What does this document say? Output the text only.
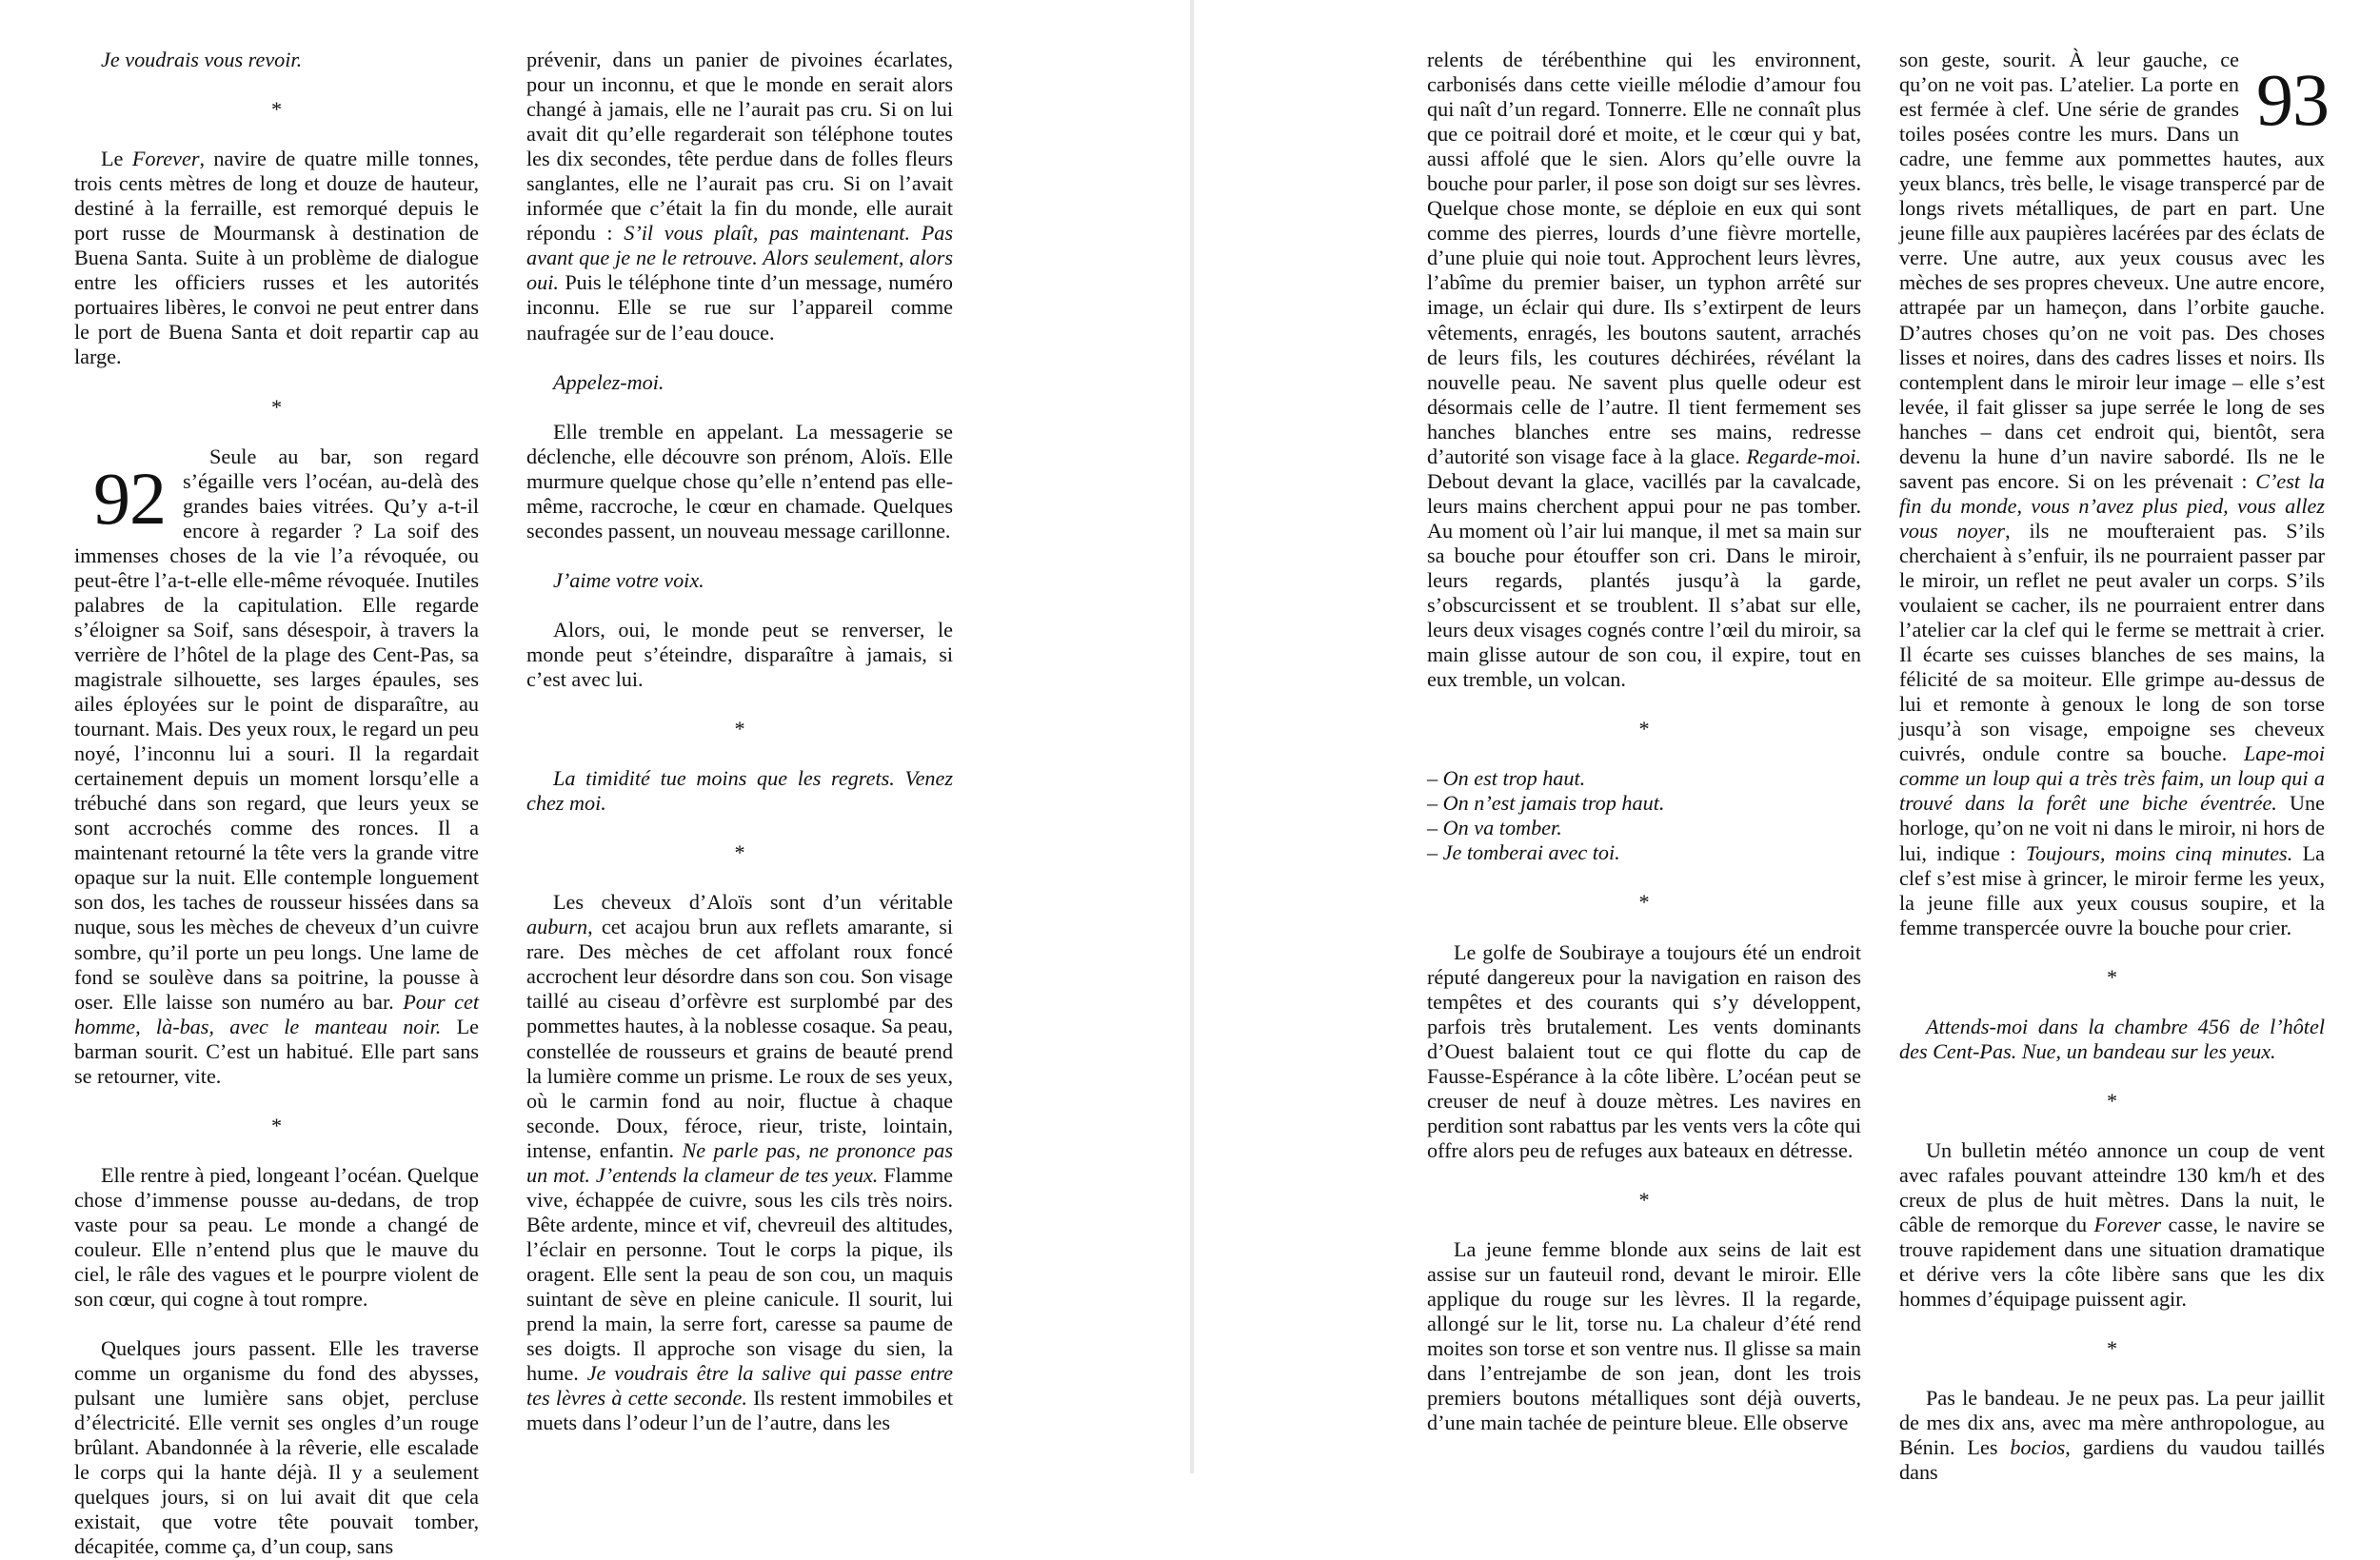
Je voudrais vous revoir.

*

Le Forever, navire de quatre mille tonnes, trois cents mètres de long et douze de hauteur, destiné à la ferraille, est remorqué depuis le port russe de Mourmansk à destination de Buena Santa. Suite à un problème de dialogue entre les officiers russes et les autorités portuaires libères, le convoi ne peut entrer dans le port de Buena Santa et doit repartir cap au large.

*

92
Seule au bar, son regard s’égaille vers l’océan, au-delà des grandes baies vitrées. Qu’y a-t-il encore à regarder ? La soif des immenses choses de la vie l’a révoquée, ou peut-être l’a-t-elle elle-même révoquée. Inutiles palabres de la capitulation. Elle regarde s’éloigner sa Soif, sans désespoir, à travers la verrière de l’hôtel de la plage des Cent-Pas, sa magistrale silhouette, ses larges épaules, ses ailes éployées sur le point de disparaître, au tournant. Mais. Des yeux roux, le regard un peu noyé, l’inconnu lui a souri. Il la regardait certainement depuis un moment lorsqu’elle a trébuché dans son regard, que leurs yeux se sont accrochés comme des ronces. Il a maintenant retourné la tête vers la grande vitre opaque sur la nuit. Elle contemple longuement son dos, les taches de rousseur hissées dans sa nuque, sous les mèches de cheveux d’un cuivre sombre, qu’il porte un peu longs. Une lame de fond se soulève dans sa poitrine, la pousse à oser. Elle laisse son numéro au bar. Pour cet homme, là-bas, avec le manteau noir. Le barman sourit. C’est un habitué. Elle part sans se retourner, vite.

*

Elle rentre à pied, longeant l’océan. Quelque chose d’immense pousse au-dedans, de trop vaste pour sa peau. Le monde a changé de couleur. Elle n’entend plus que le mauve du ciel, le râle des vagues et le pourpre violent de son cœur, qui cogne à tout rompre.

Quelques jours passent. Elle les traverse comme un organisme du fond des abysses, pulsant une lumière sans objet, percluse d’électricité. Elle vernit ses ongles d’un rouge brûlant. Abandonnée à la rêverie, elle escalade le corps qui la hante déjà. Il y a seulement quelques jours, si on lui avait dit que cela existait, que votre tête pouvait tomber, décapitée, comme ça, d’un coup, sans

prévenir, dans un panier de pivoines écarlates, pour un inconnu, et que le monde en serait alors changé à jamais, elle ne l’aurait pas cru. Si on lui avait dit qu’elle regarderait son téléphone toutes les dix secondes, tête perdue dans de folles fleurs sanglantes, elle ne l’aurait pas cru. Si on l’avait informée que c’était la fin du monde, elle aurait répondu : S’il vous plaît, pas maintenant. Pas avant que je ne le retrouve. Alors seulement, alors oui. Puis le téléphone tinte d’un message, numéro inconnu. Elle se rue sur l’appareil comme naufragée sur de l’eau douce.

Appelez-moi.

Elle tremble en appelant. La messagerie se déclenche, elle découvre son prénom, Aloïs. Elle murmure quelque chose qu’elle n’entend pas elle-même, raccroche, le cœur en chamade. Quelques secondes passent, un nouveau message carillonne.

J’aime votre voix.

Alors, oui, le monde peut se renverser, le monde peut s’éteindre, disparaître à jamais, si c’est avec lui.

*

La timidité tue moins que les regrets. Venez chez moi.

*

Les cheveux d’Aloïs sont d’un véritable auburn, cet acajou brun aux reflets amarante, si rare. Des mèches de cet affolant roux foncé accrochent leur désordre dans son cou. Son visage taillé au ciseau d’orfèvre est surplombé par des pommettes hautes, à la noblesse cosaque. Sa peau, constellée de rousseurs et grains de beauté prend la lumière comme un prisme. Le roux de ses yeux, où le carmin fond au noir, fluctue à chaque seconde. Doux, féroce, rieur, triste, lointain, intense, enfantin. Ne parle pas, ne prononce pas un mot. J’entends la clameur de tes yeux. Flamme vive, échappée de cuivre, sous les cils très noirs. Bête ardente, mince et vif, chevreuil des altitudes, l’éclair en personne. Tout le corps la pique, ils oragent. Elle sent la peau de son cou, un maquis suintant de sève en pleine canicule. Il sourit, lui prend la main, la serre fort, caresse sa paume de ses doigts. Il approche son visage du sien, la hume. Je voudrais être la salive qui passe entre tes lèvres à cette seconde. Ils restent immobiles et muets dans l’odeur l’un de l’autre, dans les

relents de térébenthine qui les environnent, carbonisés dans cette vieille mélodie d’amour fou qui naît d’un regard. Tonnerre. Elle ne connaît plus que ce poitrail doré et moite, et le cœur qui y bat, aussi affolé que le sien. Alors qu’elle ouvre la bouche pour parler, il pose son doigt sur ses lèvres. Quelque chose monte, se déploie en eux qui sont comme des pierres, lourds d’une fièvre mortelle, d’une pluie qui noie tout. Approchent leurs lèvres, l’abîme du premier baiser, un typhon arrêté sur image, un éclair qui dure. Ils s’extirpent de leurs vêtements, enragés, les boutons sautent, arrachés de leurs fils, les coutures déchirées, révélant la nouvelle peau. Ne savent plus quelle odeur est désormais celle de l’autre. Il tient fermement ses hanches blanches entre ses mains, redresse d’autorité son visage face à la glace. Regarde-moi. Debout devant la glace, vacillés par la cavalcade, leurs mains cherchent appui pour ne pas tomber. Au moment où l’air lui manque, il met sa main sur sa bouche pour étouffer son cri. Dans le miroir, leurs regards, plantés jusqu’à la garde, s’obscurcissent et se troublent. Il s’abat sur elle, leurs deux visages cognés contre l’œil du miroir, sa main glisse autour de son cou, il expire, tout en eux tremble, un volcan.

*

– On est trop haut.

– On n’est jamais trop haut.

– On va tomber.

– Je tomberai avec toi.

*

Le golfe de Soubiraye a toujours été un endroit réputé dangereux pour la navigation en raison des tempêtes et des courants qui s’y développent, parfois très brutalement. Les vents dominants d’Ouest balaient tout ce qui flotte du cap de Fausse-Espérance à la côte libère. L’océan peut se creuser de neuf à douze mètres. Les navires en perdition sont rabattus par les vents vers la côte qui offre alors peu de refuges aux bateaux en détresse.

*

La jeune femme blonde aux seins de lait est assise sur un fauteuil rond, devant le miroir. Elle applique du rouge sur les lèvres. Il la regarde, allongé sur le lit, torse nu. La chaleur d’été rend moites son torse et son ventre nus. Il glisse sa main dans l’entrejambe de son jean, dont les trois premiers boutons métalliques sont déjà ouverts, d’une main tachée de peinture bleue. Elle observe

93
son geste, sourit. À leur gauche, ce qu’on ne voit pas. L’atelier. La porte en est fermée à clef. Une série de grandes toiles posées contre les murs. Dans un cadre, une femme aux pommettes hautes, aux yeux blancs, très belle, le visage transpercé par de longs rivets métalliques, de part en part. Une jeune fille aux paupières lacérées par des éclats de verre. Une autre, aux yeux cousus avec les mèches de ses propres cheveux. Une autre encore, attrapée par un hameçon, dans l’orbite gauche. D’autres choses qu’on ne voit pas. Des choses lisses et noires, dans des cadres lisses et noirs. Ils contemplent dans le miroir leur image – elle s’est levée, il fait glisser sa jupe serrée le long de ses hanches – dans cet endroit qui, bientôt, sera devenu la hune d’un navire sabordé. Ils ne le savent pas encore. Si on les prévenait : C’est la fin du monde, vous n’avez plus pied, vous allez vous noyer, ils ne moufteraient pas. S’ils cherchaient à s’enfuir, ils ne pourraient passer par le miroir, un reflet ne peut avaler un corps. S’ils voulaient se cacher, ils ne pourraient entrer dans l’atelier car la clef qui le ferme se mettrait à crier. Il écarte ses cuisses blanches de ses mains, la félicité de sa moiteur. Elle grimpe au-dessus de lui et remonte à genoux le long de son torse jusqu’à son visage, empoigne ses cheveux cuivrés, ondule contre sa bouche. Lape-moi comme un loup qui a très très faim, un loup qui a trouvé dans la forêt une biche éventrée. Une horloge, qu’on ne voit ni dans le miroir, ni hors de lui, indique : Toujours, moins cinq minutes. La clef s’est mise à grincer, le miroir ferme les yeux, la jeune fille aux yeux cousus soupire, et la femme transpercée ouvre la bouche pour crier.

*

Attends-moi dans la chambre 456 de l’hôtel des Cent-Pas. Nue, un bandeau sur les yeux.

*

Un bulletin météo annonce un coup de vent avec rafales pouvant atteindre 130 km/h et des creux de plus de huit mètres. Dans la nuit, le câble de remorque du Forever casse, le navire se trouve rapidement dans une situation dramatique et dérive vers la côte libère sans que les dix hommes d’équipage puissent agir.

*

Pas le bandeau. Je ne peux pas. La peur jaillit de mes dix ans, avec ma mère anthropologue, au Bénin. Les bocios, gardiens du vaudou taillés dans
